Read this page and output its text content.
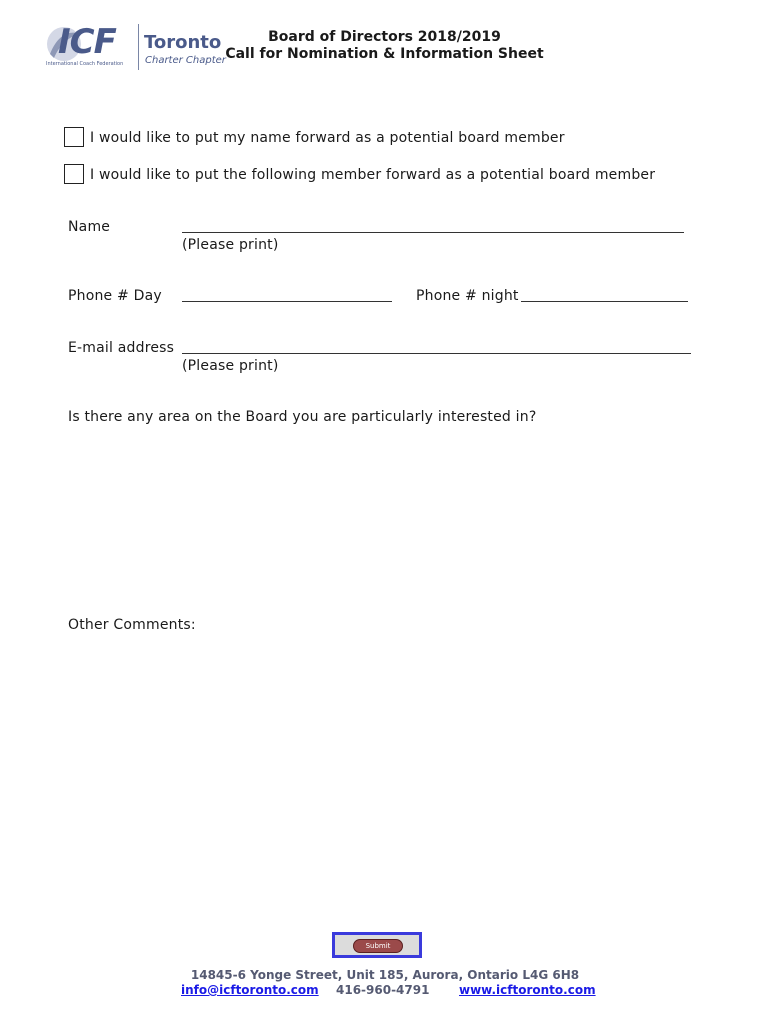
ICF
International Coach Federation
Toronto
Charter Chapter
Board of Directors 2018/2019
Call for Nomination & Information Sheet
I would like to put my name forward as a potential board member
I would like to put the following member forward as a potential board member
Name
(Please print)
Phone # Day	Phone # night
E-mail address
(Please print)
Is there any area on the Board you are particularly interested in?
Other Comments:
Submit
14845-6 Yonge Street, Unit 185, Aurora, Ontario L4G 6H8
info@icftoronto.com 416-960-4791 www.icftoronto.com
